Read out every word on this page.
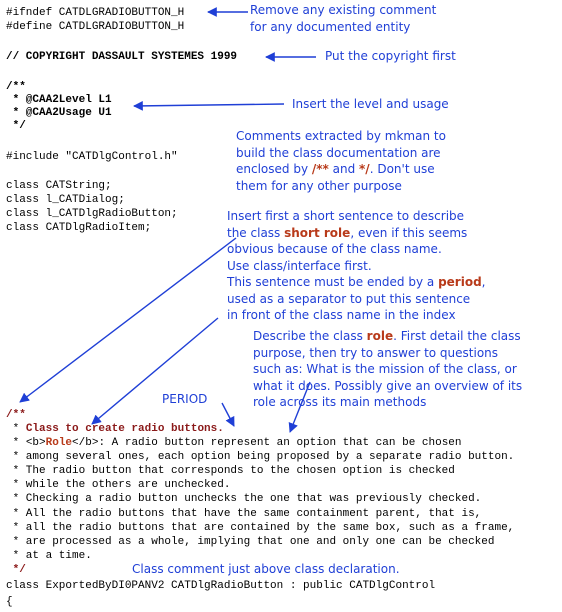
#ifndef CATDLGRADIOBUTTON_H
#define CATDLGRADIOBUTTON_H
// COPYRIGHT DASSAULT SYSTEMES 1999
/**
* @CAA2Level L1
* @CAA2Usage U1
*/
#include "CATDlgControl.h"
class CATString;
class l_CATDialog;
class l_CATDlgRadioButton;
class CATDlgRadioItem;
/**
* Class to create radio buttons.
* <b>Role</b>: A radio button represent an option that can be chosen
* among several ones, each option being proposed by a separate radio button.
* The radio button that corresponds to the chosen option is checked
* while the others are unchecked.
* Checking a radio button unchecks the one that was previously checked.
* All the radio buttons that have the same containment parent, that is,
* all the radio buttons that are contained by the same box, such as a frame,
* are processed as a whole, implying that one and only one can be checked
* at a time.
*/
class ExportedByDI0PANV2 CATDlgRadioButton : public CATDlgControl
{
Remove any existing comment
for any documented entity
Put the copyright first
Insert the level and usage
Comments extracted by mkman to
build the class documentation are
enclosed by /** and */. Don't use
them for any other purpose
Insert first a short sentence to describe
the class short role, even if this seems
obvious because of the class name.
Use class/interface first.
This sentence must be ended by a period,
used as a separator to put this sentence
in front of the class name in the index
Describe the class role. First detail the class
purpose, then try to answer to questions
such as: What is the mission of the class, or
what it does. Possibly give an overview of its
role across its main methods
PERIOD
Class comment just above class declaration.
